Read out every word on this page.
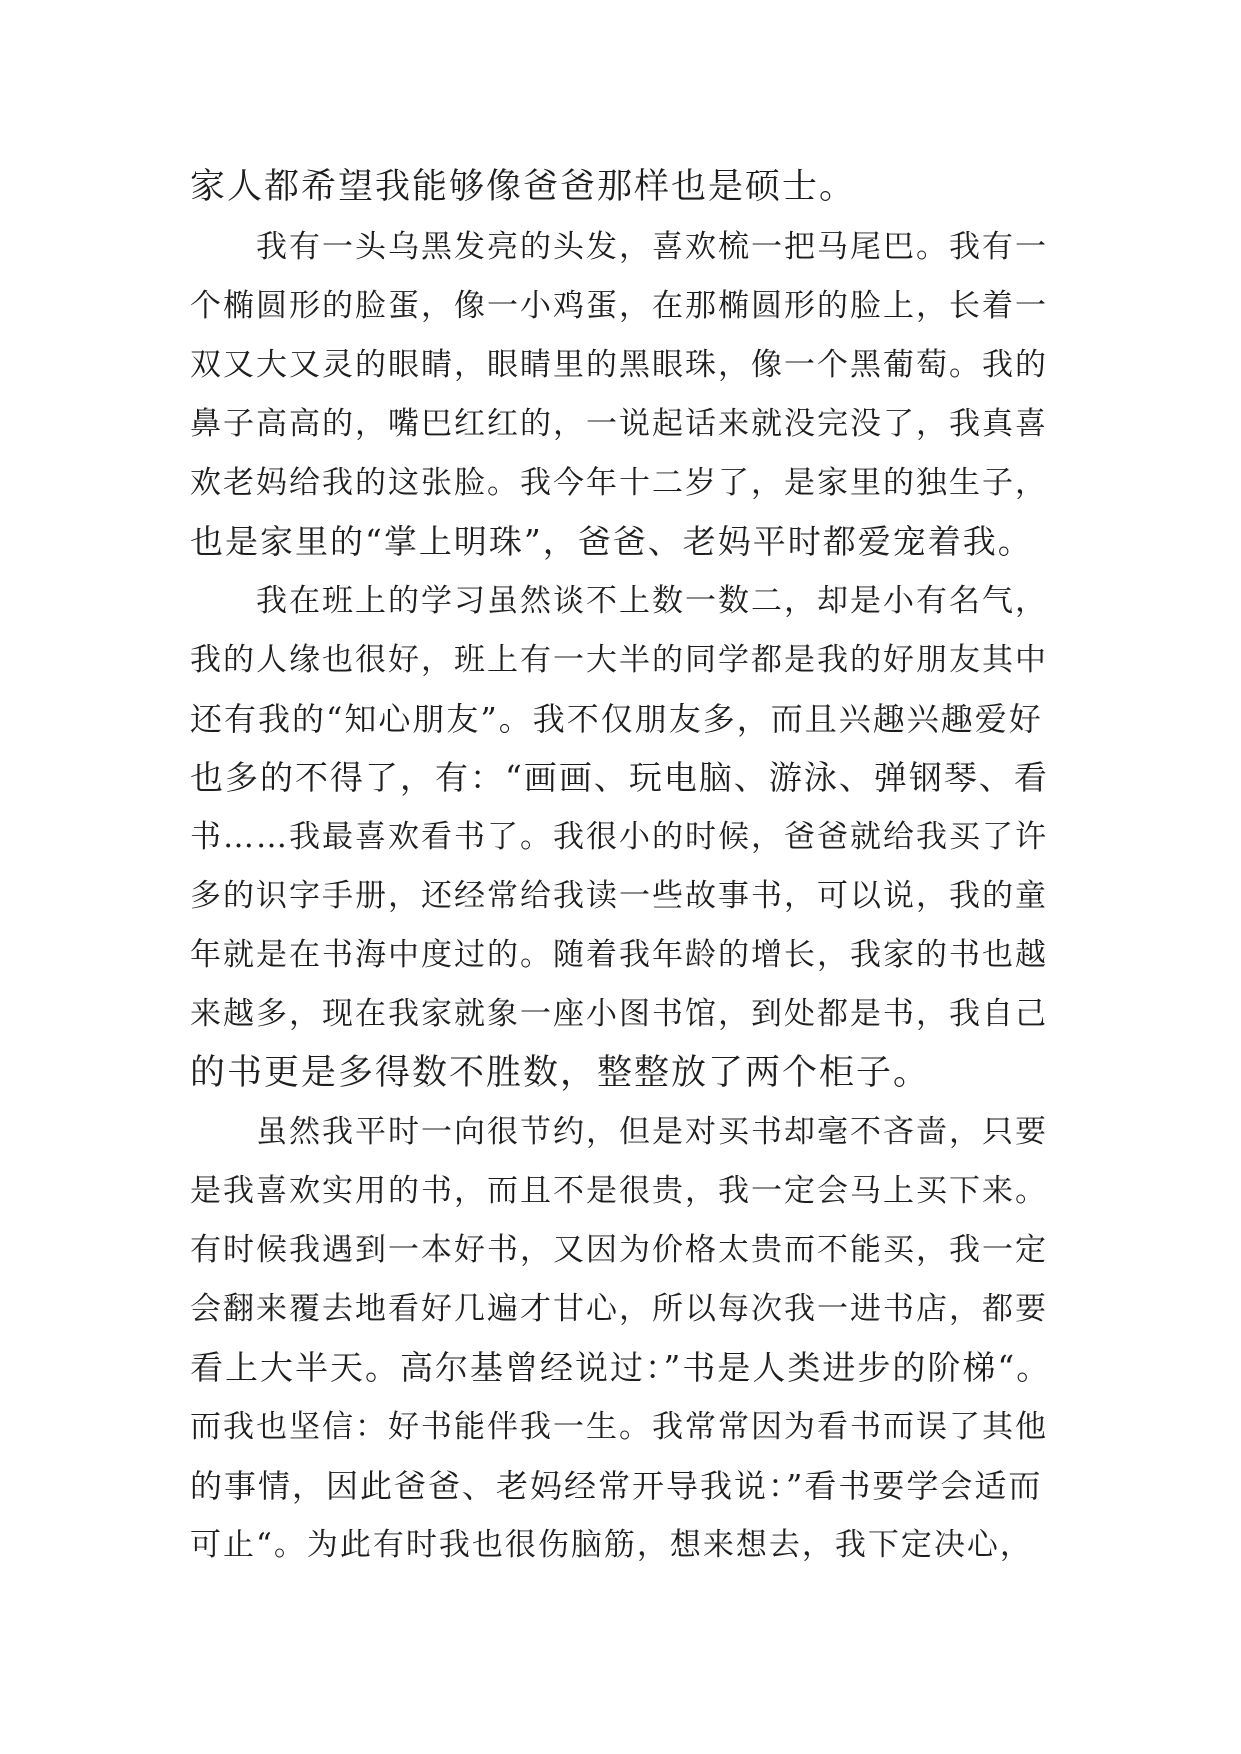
家人都希望我能够像爸爸那样也是硕士。
　　我有一头乌黑发亮的头发，喜欢梳一把马尾巴。我有一
个椭圆形的脸蛋，像一小鸡蛋，在那椭圆形的脸上，长着一
双又大又灵的眼睛，眼睛里的黑眼珠，像一个黑葡萄。我的
鼻子高高的，嘴巴红红的，一说起话来就没完没了，我真喜
欢老妈给我的这张脸。我今年十二岁了，是家里的独生子，
也是家里的“掌上明珠”，爸爸、老妈平时都爱宠着我。
　　我在班上的学习虽然谈不上数一数二，却是小有名气，
我的人缘也很好，班上有一大半的同学都是我的好朋友其中
还有我的“知心朋友”。我不仅朋友多，而且兴趣兴趣爱好
也多的不得了，有：“画画、玩电脑、游泳、弹钢琴、看
书……我最喜欢看书了。我很小的时候，爸爸就给我买了许
多的识字手册，还经常给我读一些故事书，可以说，我的童
年就是在书海中度过的。随着我年龄的增长，我家的书也越
来越多，现在我家就象一座小图书馆，到处都是书，我自己
的书更是多得数不胜数，整整放了两个柜子。
　　虽然我平时一向很节约，但是对买书却毫不吝啬，只要
是我喜欢实用的书，而且不是很贵，我一定会马上买下来。
有时候我遇到一本好书，又因为价格太贵而不能买，我一定
会翻来覆去地看好几遍才甘心，所以每次我一进书店，都要
看上大半天。高尔基曾经说过：”书是人类进步的阶梯“。
而我也坚信：好书能伴我一生。我常常因为看书而误了其他
的事情，因此爸爸、老妈经常开导我说：”看书要学会适而
可止“。为此有时我也很伤脑筋，想来想去，我下定决心，
